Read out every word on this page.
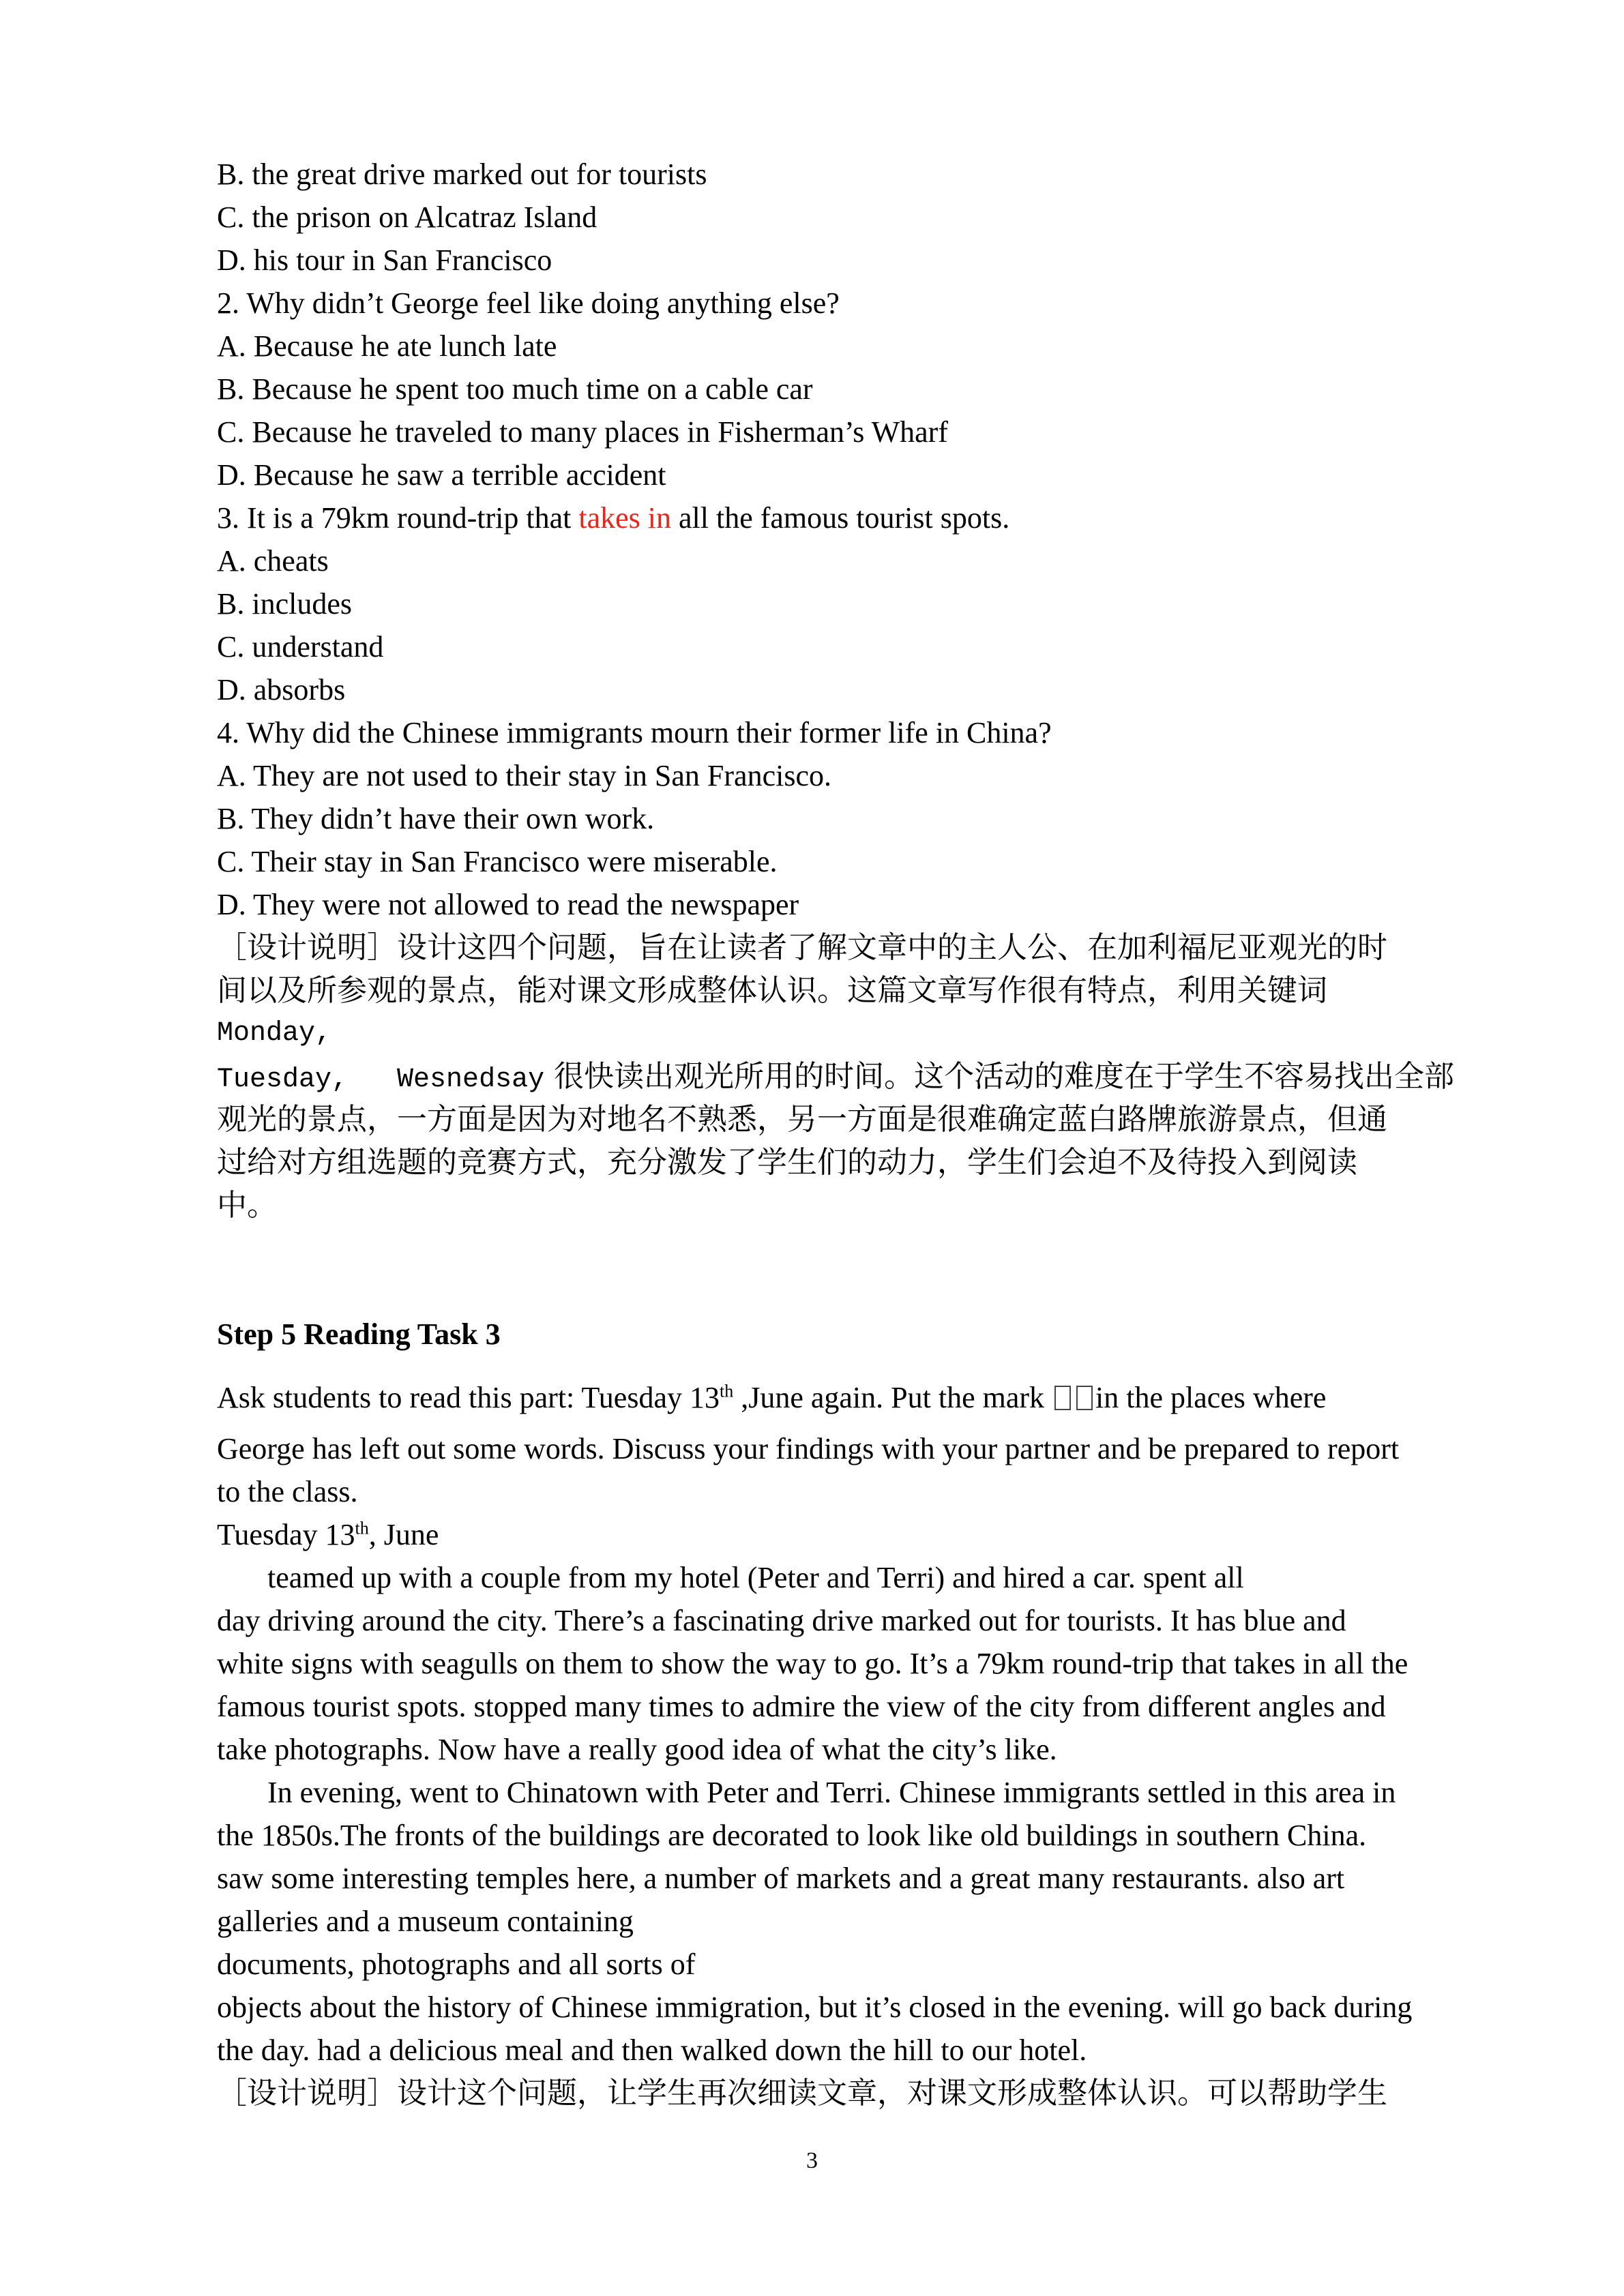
B. the great drive marked out for tourists
C. the prison on Alcatraz Island
D. his tour in San Francisco
2. Why didn’t George feel like doing anything else?
A. Because he ate lunch late
B. Because he spent too much time on a cable car
C. Because he traveled to many places in Fisherman’s Wharf
D. Because he saw a terrible accident
3. It is a 79km round-trip that takes in all the famous tourist spots.
A. cheats
B. includes
C. understand
D. absorbs
4. Why did the Chinese immigrants mourn their former life in China?
A. They are not used to their stay in San Francisco.
B. They didn’t have their own work.
C. Their stay in San Francisco were miserable.
D. They were not allowed to read the newspaper
［设计说明］设计这四个问题，旨在让读者了解文章中的主人公、在加利福尼亚观光的时
间以及所参观的景点，能对课文形成整体认识。这篇文章写作很有特点，利用关键词
Monday,
Tuesday,   Wesnedsay 很快读出观光所用的时间。这个活动的难度在于学生不容易找出全部
观光的景点，一方面是因为对地名不熟悉，另一方面是很难确定蓝白路牌旅游景点，但通
过给对方组选题的竞赛方式，充分激发了学生们的动力，学生们会迫不及待投入到阅读
中。
Step 5 Reading Task 3
Ask students to read this part: Tuesday 13th ,June again. Put the mark in the places where
George has left out some words. Discuss your findings with your partner and be prepared to report
to the class.
Tuesday 13th, June
teamed up with a couple from my hotel (Peter and Terri) and hired a car. spent all
day driving around the city. There’s a fascinating drive marked out for tourists. It has blue and
white signs with seagulls on them to show the way to go. It’s a 79km round-trip that takes in all the
famous tourist spots. stopped many times to admire the view of the city from different angles and
take photographs. Now have a really good idea of what the city’s like.
In evening, went to Chinatown with Peter and Terri. Chinese immigrants settled in this area in
the 1850s.The fronts of the buildings are decorated to look like old buildings in southern China.
saw some interesting temples here, a number of markets and a great many restaurants. also art
galleries and a museum containing
documents, photographs and all sorts of
objects about the history of Chinese immigration, but it’s closed in the evening. will go back during
the day. had a delicious meal and then walked down the hill to our hotel.
［设计说明］设计这个问题，让学生再次细读文章，对课文形成整体认识。可以帮助学生
3
